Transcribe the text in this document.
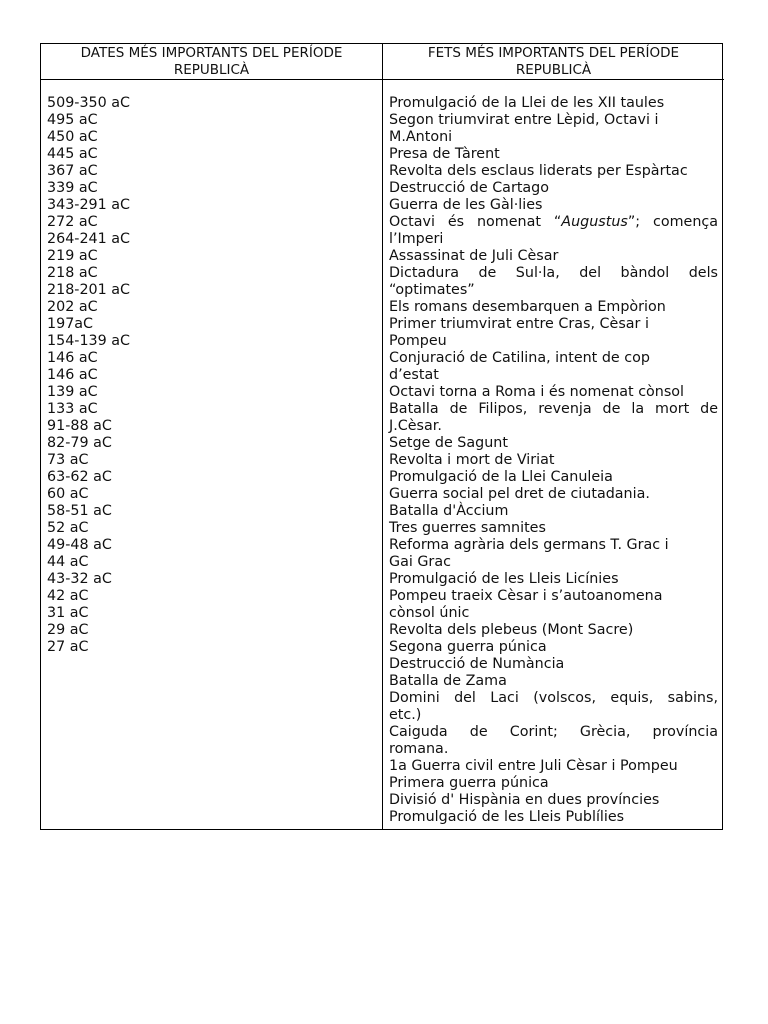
DATES MÉS IMPORTANTS DEL PERÍODE
REPUBLICÀ
FETS MÉS IMPORTANTS DEL PERÍODE
REPUBLICÀ
509-350 aC
495 aC
450 aC
445 aC
367 aC
339 aC
343-291 aC
272 aC
264-241 aC
219 aC
218 aC
218-201 aC
202 aC
197aC
154-139 aC
146 aC
146 aC
139 aC
133 aC
91-88 aC
82-79 aC
73 aC
63-62 aC
60 aC
58-51 aC
52 aC
49-48 aC
44 aC
43-32 aC
42 aC
31 aC
29 aC
27 aC
Promulgació de la Llei de les XII taules
Segon triumvirat entre Lèpid, Octavi i
M.Antoni
Presa de Tàrent
Revolta dels esclaus liderats per Espàrtac
Destrucció de Cartago
Guerra de les Gàl·lies
Octavi és nomenat “Augustus”; comença
l’Imperi
Assassinat de Juli Cèsar
Dictadura de Sul·la, del bàndol dels
“optimates”
Els romans desembarquen a Empòrion
Primer triumvirat entre Cras, Cèsar i
Pompeu
Conjuració de Catilina, intent de cop
d’estat
Octavi torna a Roma i és nomenat cònsol
Batalla de Filipos, revenja de la mort de
J.Cèsar.
Setge de Sagunt
Revolta i mort de Viriat
Promulgació de la Llei Canuleia
Guerra social pel dret de ciutadania.
Batalla d'Àccium
Tres guerres samnites
Reforma agrària dels germans T. Grac i
Gai Grac
Promulgació de les Lleis Licínies
Pompeu traeix Cèsar i s’autoanomena
cònsol únic
Revolta dels plebeus (Mont Sacre)
Segona guerra púnica
Destrucció de Numància
Batalla de Zama
Domini del Laci (volscos, equis, sabins,
etc.)
Caiguda de Corint; Grècia, província
romana.
1a Guerra civil entre Juli Cèsar i Pompeu
Primera guerra púnica
Divisió d' Hispània en dues províncies
Promulgació de les Lleis Publílies
